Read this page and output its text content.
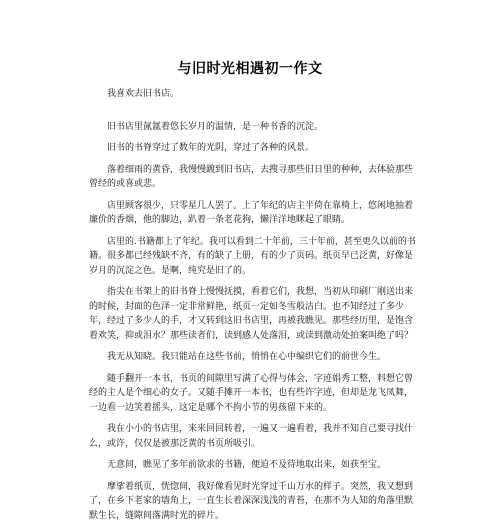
与旧时光相遇初一作文

我喜欢去旧书店。

旧书店里氤氲着悠长岁月的温情，是一种书香的沉淀。

旧书的书脊穿过了数年的光阴，穿过了各种的风景。

落着细雨的黄昏，我慢慢踱到旧书店，去搜寻那些旧日里的种种，去体验那些曾经的或喜或悲。

店里顾客很少，只零星几人罢了。上了年纪的店主半倚在靠椅上，悠闲地抽着廉价的香烟，他的脚边，趴着一条老花狗，懒洋洋地眯起了眼睛。

店里的.书籍都上了年纪。我可以看到二十年前，三十年前，甚至更久以前的书籍。很多都已经残缺不齐，有的缺了上册，有的少了页码。纸页早已泛黄，好像是岁月的沉淀之色。是啊，纯究是旧了的。

指尖在书架上的旧书脊上慢慢抚摸，看着它们，我想，当初从印刷厂刚送出来的时候，封面的色泽一定非常鲜艳，纸页一定如冬雪般洁白。也不知经过了多少年，经过了多少人的手，才又转到这旧书店里，再被我瞧见。那些经历里，是饱含着欢笑，抑或泪水？那些读者们，读到感人处落泪，或读到激动处拍案叫绝了吗？

我无从知晓。我只能站在这些书前，悄悄在心中编织它们的前世今生。

随手翻开一本书，书页的间隙里写满了心得与体会，字迹娟秀工整，料想它曾经的主人是个细心的女子。又随手摊开一本书，也有些许字迹，但却是龙飞凤舞，一边看一边笑着摇头，这定是哪个不拘小节的男孩留下来的。

我在小小的书店里，来来回回转着，一遍又一遍看着，我并不知自己要寻找什么，或许，仅仅是被那泛黄的书页所吸引。

无意间，瞧见了多年前欲求的书籍，便迫不及待地取出来，如获至宝。

摩挲着纸页，恍惚间，我好像看见时光穿过千山万水的样子。突然，我又想到了，在乡下老家的墙角上，一直生长着深深浅浅的青苔，在那不为人知的角落里默默生长，缝隙间落满时光的碎片。
